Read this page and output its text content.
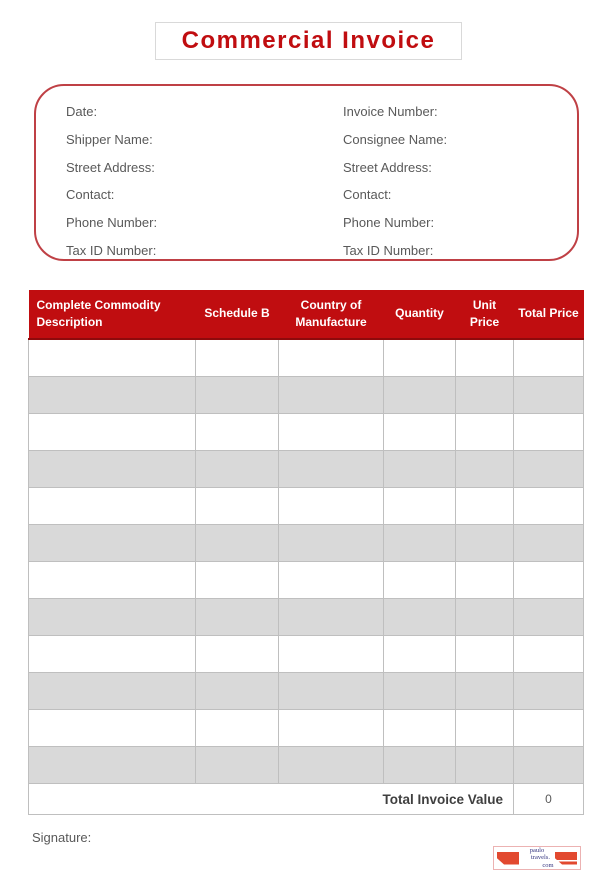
Commercial Invoice
Date:
Shipper Name:
Street Address:
Contact:
Phone Number:
Tax ID Number:
Invoice Number:
Consignee Name:
Street Address:
Contact:
Phone Number:
Tax ID Number:
Complete Commodity Description	Schedule B	Country of Manufacture	Quantity	Unit Price	Total Price

Total Invoice Value					0
Signature:
paulo
travels.
com
